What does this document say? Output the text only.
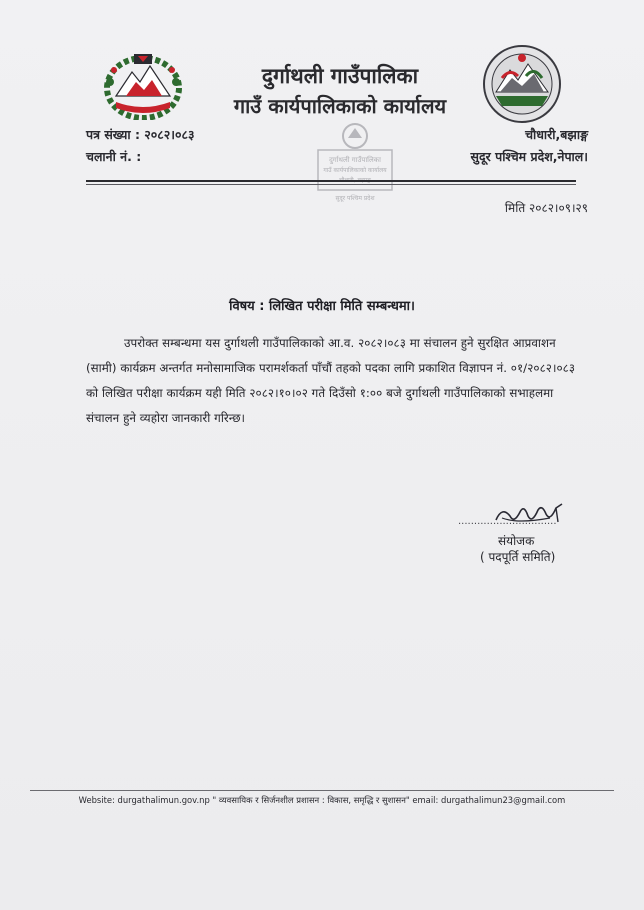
दुर्गाथली गाउँपालिका
गाउँ कार्यपालिकाको कार्यालय
पत्र संख्या : २०८२।०८३
चलानी नं. :
चौधारी,बझाङ्ग
सुदूर पश्चिम प्रदेश,नेपाल।
दुर्गाथली गाउँपालिका
गाउँ कार्यपालिकाको कार्यालय
सुदूर पश्चिम प्रदेश
मिति २०८२।०९।२९
विषय : लिखित परीक्षा मिति सम्बन्धमा।
उपरोक्त सम्बन्धमा यस दुर्गाथली गाउँपालिकाको आ.व. २०८२।०८३ मा संचालन हुने सुरक्षित आप्रवाशन
(सामी) कार्यक्रम अन्तर्गत मनोसामाजिक परामर्शकर्ता पाँचौं तहको पदका लागि प्रकाशित विज्ञापन नं. ०१/२०८२।०८३
को लिखित परीक्षा कार्यक्रम यही मिति २०८२।१०।०२ गते दिउँसो १:०० बजे दुर्गाथली गाउँपालिकाको सभाहलमा
संचालन हुने व्यहोरा जानकारी गरिन्छ।
...............................
संयोजक
( पदपूर्ति समिति)
Website: durgathalimun.gov.np " व्यवसायिक र सिर्जनशील प्रशासन : विकास, समृद्धि र सुशासन" email: durgathalimun23@gmail.com
